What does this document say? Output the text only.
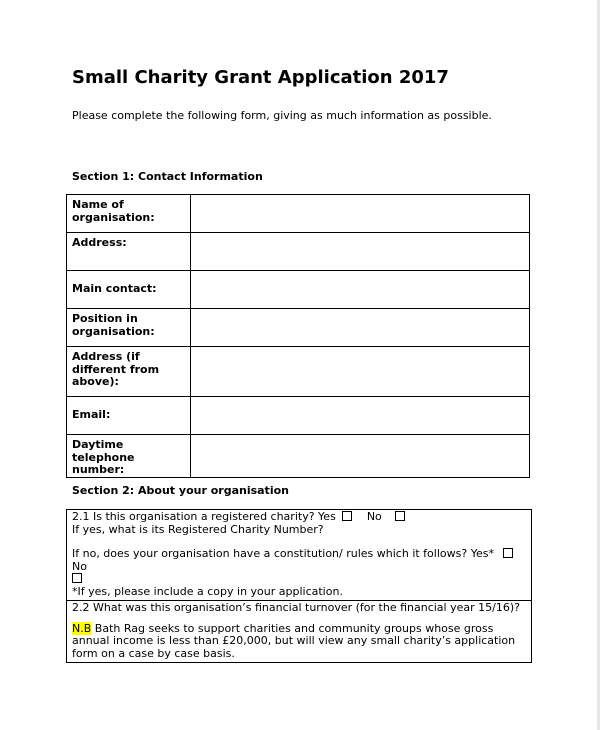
Small Charity Grant Application 2017
Please complete the following form, giving as much information as possible.
Section 1: Contact Information
Name of organisation:	
Address:	
Main contact:	
Position in organisation:	
Address (if different from above):	
Email:	
Daytime telephone number:	
Section 2: About your organisation
2.1 Is this organisation a registered charity? Yes	No
If yes, what is its Registered Charity Number?
If no, does your organisation have a constitution/ rules which it follows? Yes*  No

*If yes, please include a copy in your application.

2.2 What was this organisation’s financial turnover (for the financial year 15/16)?
N.B Bath Rag seeks to support charities and community groups whose gross annual income is less than £20,000, but will view any small charity’s application form on a case by case basis.
